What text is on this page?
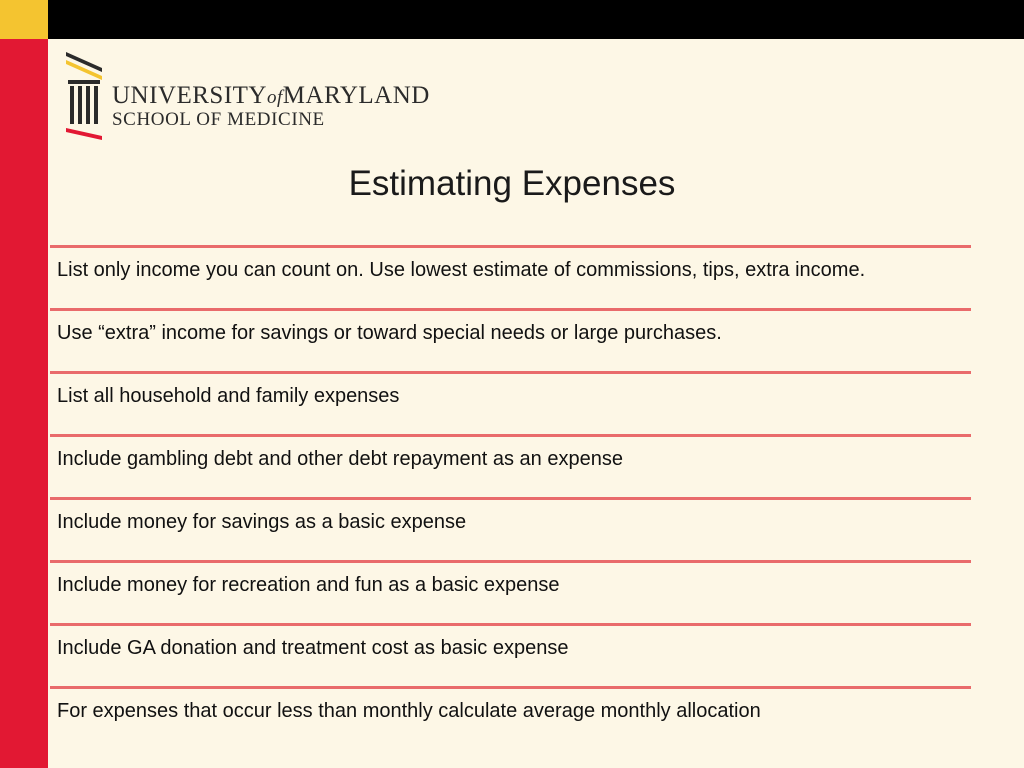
UNIVERSITYofMARYLAND
SCHOOL OF MEDICINE
Estimating Expenses
List only income you can count on. Use lowest estimate of commissions, tips, extra income.
Use “extra” income for savings or toward special needs or large purchases.
List all household and family expenses
Include gambling debt and other debt repayment as an expense
Include money for savings as a basic expense
Include money for recreation and fun as a basic expense
Include GA donation and treatment cost as basic expense
For expenses that occur less than monthly calculate average monthly allocation
